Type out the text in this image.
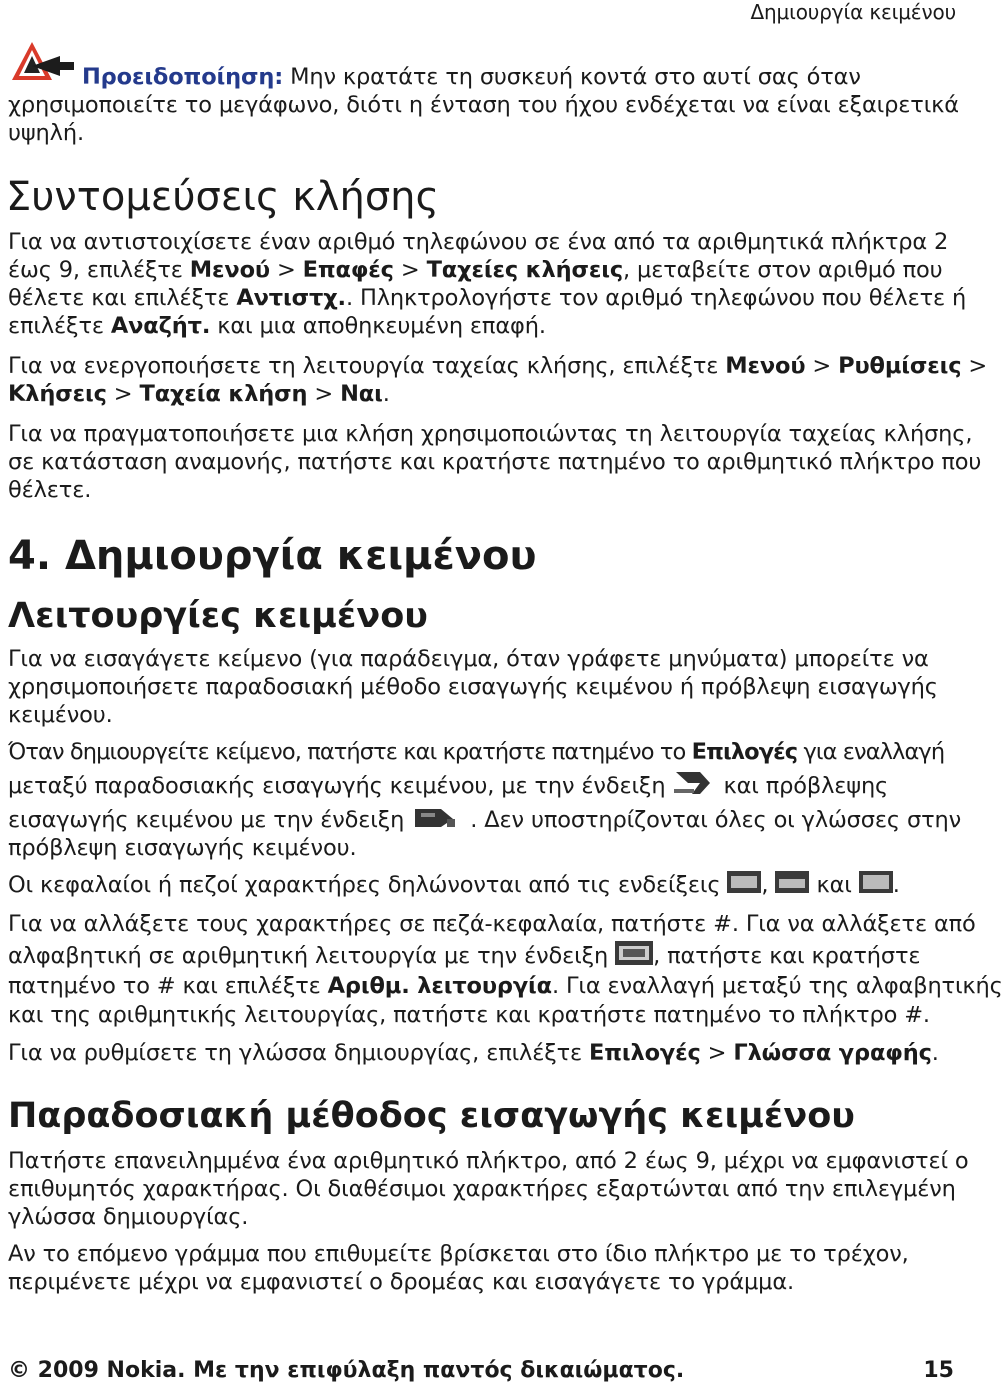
Δημιουργία κειμένου
Προειδοποίηση: Μην κρατάτε τη συσκευή κοντά στο αυτί σας όταν
χρησιμοποιείτε το μεγάφωνο, διότι η ένταση του ήχου ενδέχεται να είναι εξαιρετικά
υψηλή.
Συντομεύσεις κλήσης
Για να αντιστοιχίσετε έναν αριθμό τηλεφώνου σε ένα από τα αριθμητικά πλήκτρα 2
έως 9, επιλέξτε Μενού > Επαφές > Ταχείες κλήσεις, μεταβείτε στον αριθμό που
θέλετε και επιλέξτε Αντιστχ.. Πληκτρολογήστε τον αριθμό τηλεφώνου που θέλετε ή
επιλέξτε Αναζήτ. και μια αποθηκευμένη επαφή.
Για να ενεργοποιήσετε τη λειτουργία ταχείας κλήσης, επιλέξτε Μενού > Ρυθμίσεις >
Κλήσεις > Ταχεία κλήση > Ναι.
Για να πραγματοποιήσετε μια κλήση χρησιμοποιώντας τη λειτουργία ταχείας κλήσης,
σε κατάσταση αναμονής, πατήστε και κρατήστε πατημένο το αριθμητικό πλήκτρο που
θέλετε.
4. Δημιουργία κειμένου
Λειτουργίες κειμένου
Για να εισαγάγετε κείμενο (για παράδειγμα, όταν γράφετε μηνύματα) μπορείτε να
χρησιμοποιήσετε παραδοσιακή μέθοδο εισαγωγής κειμένου ή πρόβλεψη εισαγωγής
κειμένου.
Όταν δημιουργείτε κείμενο, πατήστε και κρατήστε πατημένο το Επιλογές για εναλλαγή
μεταξύ παραδοσιακής εισαγωγής κειμένου, με την ένδειξη  και πρόβλεψης
εισαγωγής κειμένου με την ένδειξη	. Δεν υποστηρίζονται όλες οι γλώσσες στην
πρόβλεψη εισαγωγής κειμένου.
Οι κεφαλαίοι ή πεζοί χαρακτήρες δηλώνονται από τις ενδείξεις ,  και .
Για να αλλάξετε τους χαρακτήρες σε πεζά-κεφαλαία, πατήστε #. Για να αλλάξετε από
αλφαβητική σε αριθμητική λειτουργία με την ένδειξη , πατήστε και κρατήστε
πατημένο το # και επιλέξτε Αριθμ. λειτουργία. Για εναλλαγή μεταξύ της αλφαβητικής
και της αριθμητικής λειτουργίας, πατήστε και κρατήστε πατημένο το πλήκτρο #.
Για να ρυθμίσετε τη γλώσσα δημιουργίας, επιλέξτε Επιλογές > Γλώσσα γραφής.
Παραδοσιακή μέθοδος εισαγωγής κειμένου
Πατήστε επανειλημμένα ένα αριθμητικό πλήκτρο, από 2 έως 9, μέχρι να εμφανιστεί ο
επιθυμητός χαρακτήρας. Οι διαθέσιμοι χαρακτήρες εξαρτώνται από την επιλεγμένη
γλώσσα δημιουργίας.
Αν το επόμενο γράμμα που επιθυμείτε βρίσκεται στο ίδιο πλήκτρο με το τρέχον,
περιμένετε μέχρι να εμφανιστεί ο δρομέας και εισαγάγετε το γράμμα.
© 2009 Nokia. Με την επιφύλαξη παντός δικαιώματος.	15
